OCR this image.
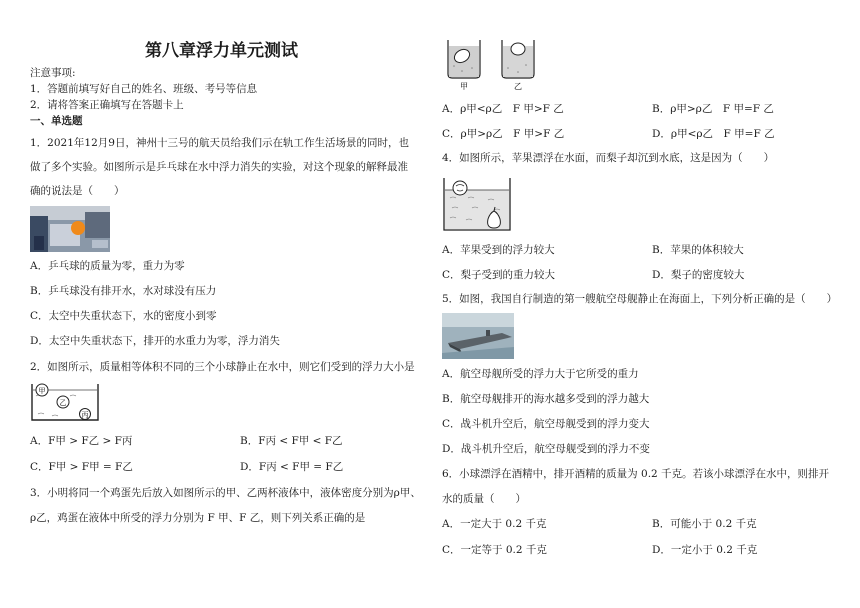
第八章浮力单元测试
注意事项:
1．答题前填写好自己的姓名、班级、考号等信息
2．请将答案正确填写在答题卡上
一、单选题
1．2021年12月9日，神州十三号的航天员给我们示在轨工作生活场景的同时，也
做了多个实验。如图所示是乒乓球在水中浮力消失的实验，对这个现象的解释最准
确的说法是（　　）
A．乒乓球的质量为零，重力为零
B．乒乓球没有排开水，水对球没有压力
C．太空中失重状态下，水的密度小到零
D．太空中失重状态下，排开的水重力为零，浮力消失
2．如图所示，质量相等体积不同的三个小球静止在水中，则它们受到的浮力大小是
甲
乙
丙
A．F甲 > F乙 > F丙	B．F丙 < F甲 < F乙
C．F甲 > F甲 = F乙	D．F丙 < F甲 = F乙
3．小明将同一个鸡蛋先后放入如图所示的甲、乙两杯液体中，液体密度分别为ρ甲、
ρ乙，鸡蛋在液体中所受的浮力分别为 F 甲、F 乙，则下列关系正确的是
甲	乙
A．ρ甲<ρ乙　F 甲>F 乙	B．ρ甲>ρ乙　F 甲=F 乙
C．ρ甲>ρ乙　F 甲>F 乙	D．ρ甲<ρ乙　F 甲=F 乙
4．如图所示，苹果漂浮在水面，而梨子却沉到水底，这是因为（　　）
A．苹果受到的浮力较大	B．苹果的体积较大
C．梨子受到的重力较大	D．梨子的密度较大
5．如图，我国自行制造的第一艘航空母舰静止在海面上，下列分析正确的是（　　）
A．航空母舰所受的浮力大于它所受的重力
B．航空母舰排开的海水越多受到的浮力越大
C．战斗机升空后，航空母舰受到的浮力变大
D．战斗机升空后，航空母舰受到的浮力不变
6．小球漂浮在酒精中，排开酒精的质量为 0.2 千克。若该小球漂浮在水中，则排开
水的质量（　　）
A．一定大于 0.2 千克	B．可能小于 0.2 千克
C．一定等于 0.2 千克	D．一定小于 0.2 千克
